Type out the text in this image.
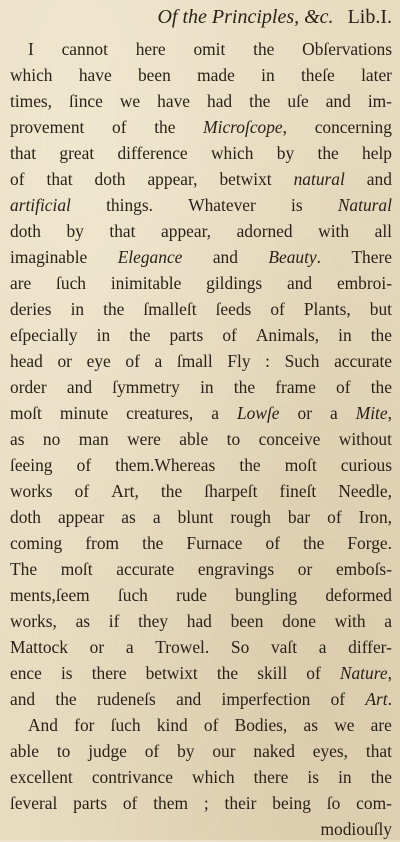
Of the Principles, &c. Lib.I.
I cannot here omit the Obſervations
which have been made in theſe later
times, ſince we have had the uſe and im-
provement of the Microſcope, concerning
that great difference which by the help
of that doth appear, betwixt natural and
artificial things. Whatever is Natural
doth by that appear, adorned with all
imaginable Elegance and Beauty. There
are ſuch inimitable gildings and embroi-
deries in the ſmalleſt ſeeds of Plants, but
eſpecially in the parts of Animals, in the
head or eye of a ſmall Fly : Such accurate
order and ſymmetry in the frame of the
moſt minute creatures, a Lowſe or a Mite,
as no man were able to conceive without
ſeeing of them.Whereas the moſt curious
works of Art, the ſharpeſt fineſt Needle,
doth appear as a blunt rough bar of Iron,
coming from the Furnace of the Forge.
The moſt accurate engravings or emboſs-
ments,ſeem ſuch rude bungling deformed
works, as if they had been done with a
Mattock or a Trowel. So vaſt a differ-
ence is there betwixt the skill of Nature,
and the rudeneſs and imperfection of Art.
And for ſuch kind of Bodies, as we are
able to judge of by our naked eyes, that
excellent contrivance which there is in the
ſeveral parts of them ; their being ſo com-
modiouſly
